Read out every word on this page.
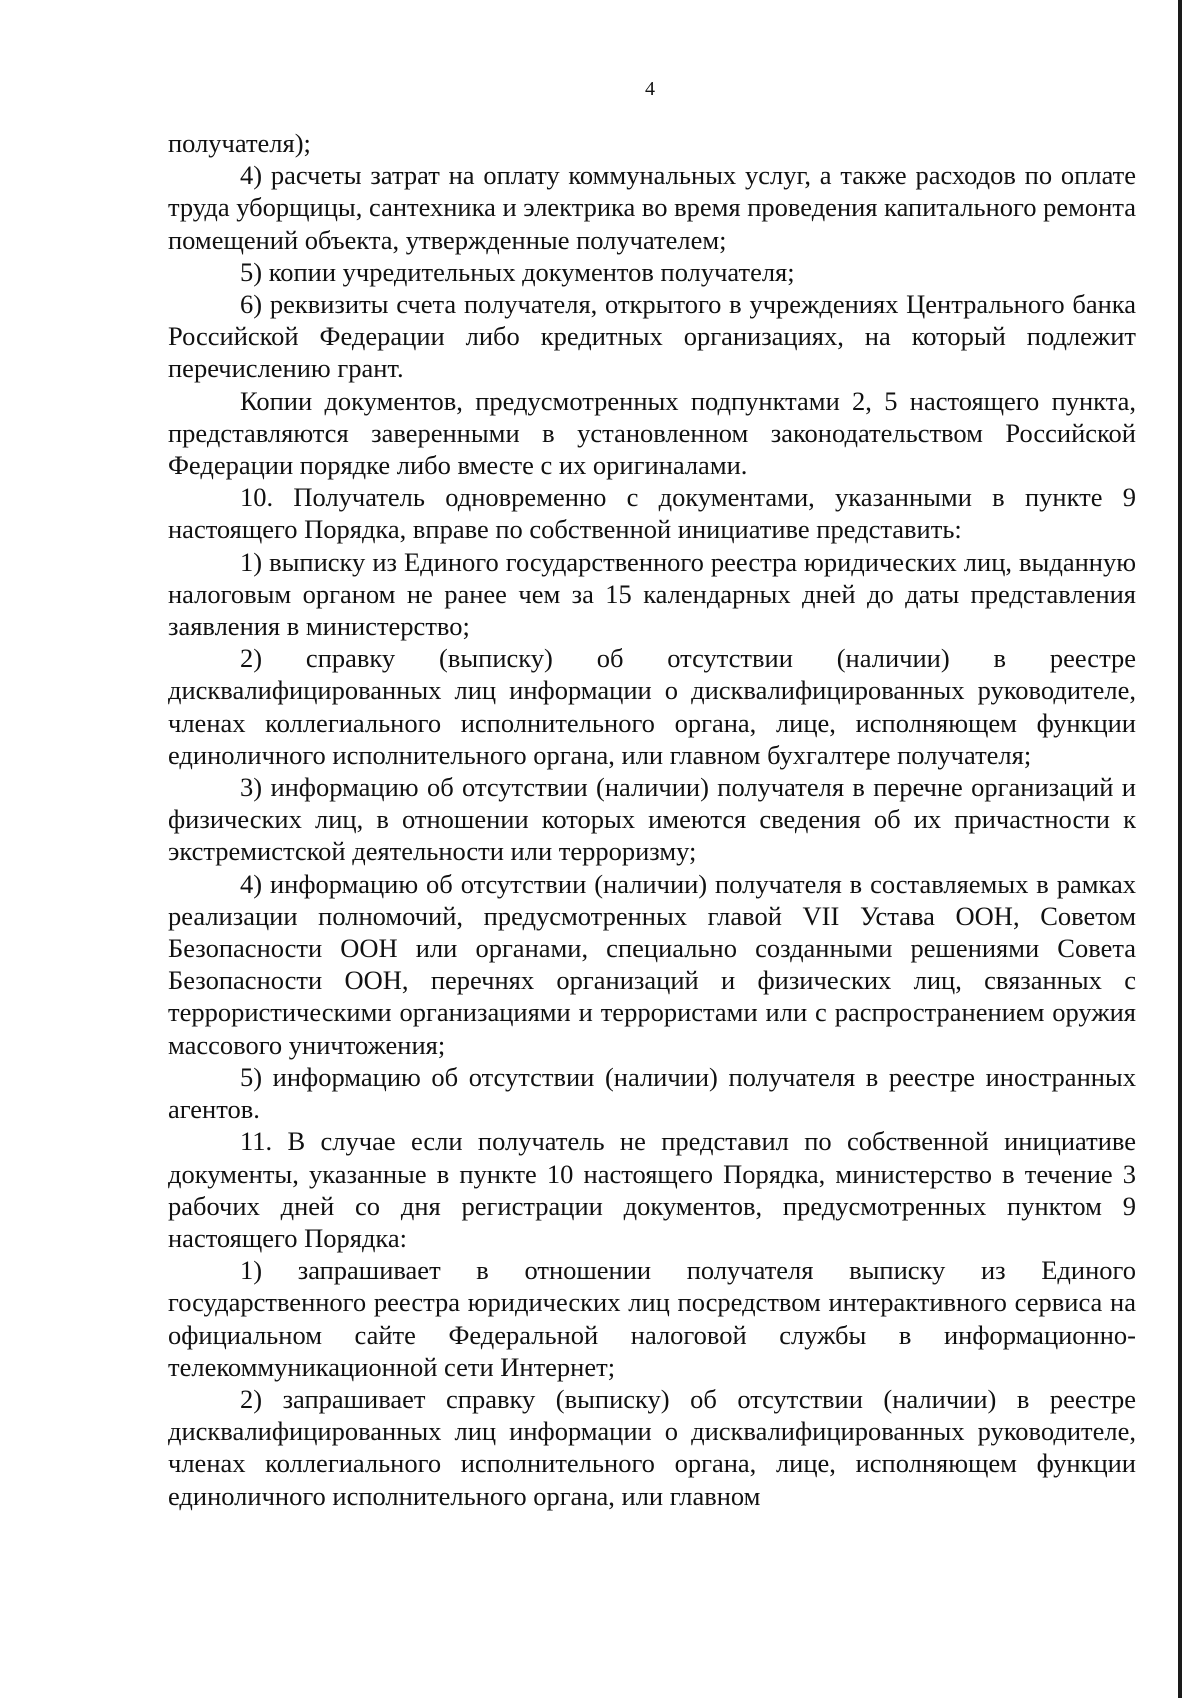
4

получателя);

4) расчеты затрат на оплату коммунальных услуг, а также расходов по оплате труда уборщицы, сантехника и электрика во время проведения капитального ремонта помещений объекта, утвержденные получателем;

5) копии учредительных документов получателя;

6) реквизиты счета получателя, открытого в учреждениях Центрального банка Российской Федерации либо кредитных организациях, на который подлежит перечислению грант.

Копии документов, предусмотренных подпунктами 2, 5 настоящего пункта, представляются заверенными в установленном законодательством Российской Федерации порядке либо вместе с их оригиналами.

10. Получатель одновременно с документами, указанными в пункте 9 настоящего Порядка, вправе по собственной инициативе представить:

1) выписку из Единого государственного реестра юридических лиц, выданную налоговым органом не ранее чем за 15 календарных дней до даты представления заявления в министерство;

2) справку (выписку) об отсутствии (наличии) в реестре дисквалифицированных лиц информации о дисквалифицированных руководителе, членах коллегиального исполнительного органа, лице, исполняющем функции единоличного исполнительного органа, или главном бухгалтере получателя;

3) информацию об отсутствии (наличии) получателя в перечне организаций и физических лиц, в отношении которых имеются сведения об их причастности к экстремистской деятельности или терроризму;

4) информацию об отсутствии (наличии) получателя в составляемых в рамках реализации полномочий, предусмотренных главой VII Устава ООН, Советом Безопасности ООН или органами, специально созданными решениями Совета Безопасности ООН, перечнях организаций и физических лиц, связанных с террористическими организациями и террористами или с распространением оружия массового уничтожения;

5) информацию об отсутствии (наличии) получателя в реестре иностранных агентов.

11. В случае если получатель не представил по собственной инициативе документы, указанные в пункте 10 настоящего Порядка, министерство в течение 3 рабочих дней со дня регистрации документов, предусмотренных пунктом 9 настоящего Порядка:

1) запрашивает в отношении получателя выписку из Единого государственного реестра юридических лиц посредством интерактивного сервиса на официальном сайте Федеральной налоговой службы в информационно-телекоммуникационной сети Интернет;

2) запрашивает справку (выписку) об отсутствии (наличии) в реестре дисквалифицированных лиц информации о дисквалифицированных руководителе, членах коллегиального исполнительного органа, лице, исполняющем функции единоличного исполнительного органа, или главном
